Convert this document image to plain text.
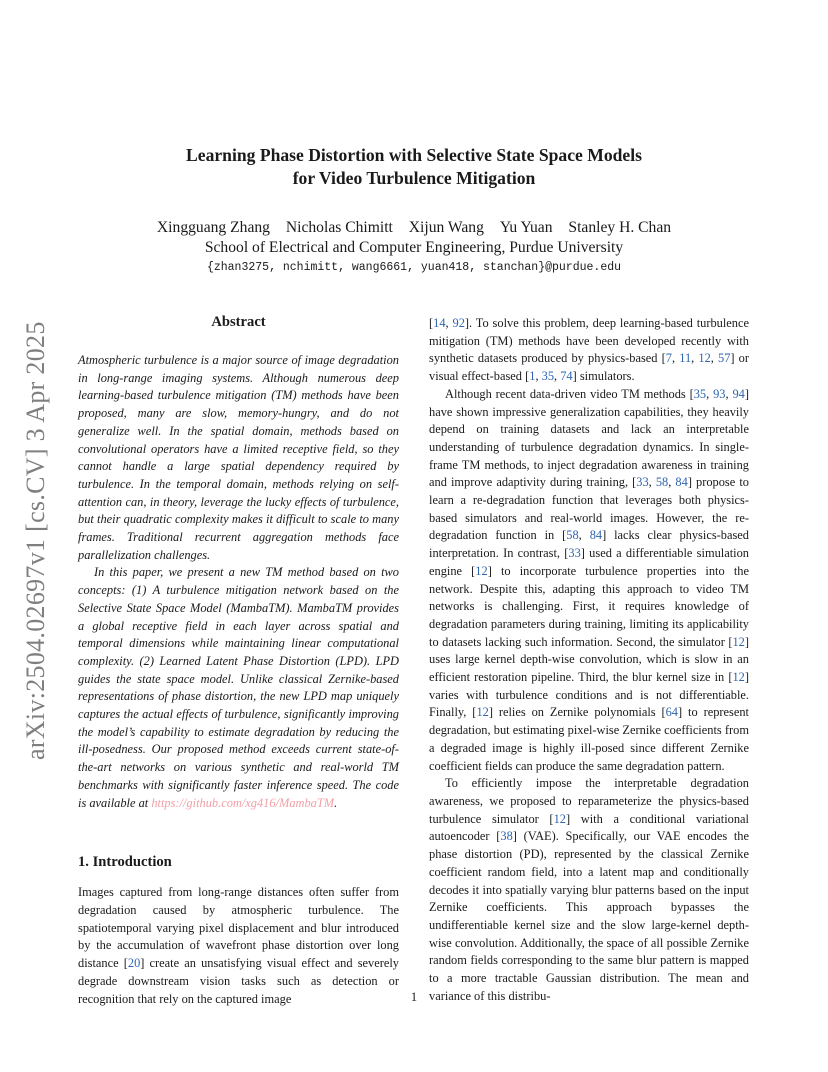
arXiv:2504.02697v1 [cs.CV] 3 Apr 2025
Learning Phase Distortion with Selective State Space Models
for Video Turbulence Mitigation
Xingguang Zhang Nicholas Chimitt Xijun Wang Yu Yuan Stanley H. Chan
School of Electrical and Computer Engineering, Purdue University
{zhan3275, nchimitt, wang6661, yuan418, stanchan}@purdue.edu
Abstract

Atmospheric turbulence is a major source of image degradation in long-range imaging systems. Although numerous deep learning-based turbulence mitigation (TM) methods have been proposed, many are slow, memory-hungry, and do not generalize well. In the spatial domain, methods based on convolutional operators have a limited receptive field, so they cannot handle a large spatial dependency required by turbulence. In the temporal domain, methods relying on self-attention can, in theory, leverage the lucky effects of turbulence, but their quadratic complexity makes it difficult to scale to many frames. Traditional recurrent aggregation methods face parallelization challenges.

In this paper, we present a new TM method based on two concepts: (1) A turbulence mitigation network based on the Selective State Space Model (MambaTM). MambaTM provides a global receptive field in each layer across spatial and temporal dimensions while maintaining linear computational complexity. (2) Learned Latent Phase Distortion (LPD). LPD guides the state space model. Unlike classical Zernike-based representations of phase distortion, the new LPD map uniquely captures the actual effects of turbulence, significantly improving the model’s capability to estimate degradation by reducing the ill-posedness. Our proposed method exceeds current state-of-the-art networks on various synthetic and real-world TM benchmarks with significantly faster inference speed. The code is available at https://github.com/xg416/MambaTM.

1. Introduction

Images captured from long-range distances often suffer from degradation caused by atmospheric turbulence. The spatiotemporal varying pixel displacement and blur introduced by the accumulation of wavefront phase distortion over long distance [20] create an unsatisfying visual effect and severely degrade downstream vision tasks such as detection or recognition that rely on the captured image

[14, 92]. To solve this problem, deep learning-based turbulence mitigation (TM) methods have been developed recently with synthetic datasets produced by physics-based [7, 11, 12, 57] or visual effect-based [1, 35, 74] simulators.

Although recent data-driven video TM methods [35, 93, 94] have shown impressive generalization capabilities, they heavily depend on training datasets and lack an interpretable understanding of turbulence degradation dynamics. In single-frame TM methods, to inject degradation awareness in training and improve adaptivity during training, [33, 58, 84] propose to learn a re-degradation function that leverages both physics-based simulators and real-world images. However, the re-degradation function in [58, 84] lacks clear physics-based interpretation. In contrast, [33] used a differentiable simulation engine [12] to incorporate turbulence properties into the network. Despite this, adapting this approach to video TM networks is challenging. First, it requires knowledge of degradation parameters during training, limiting its applicability to datasets lacking such information. Second, the simulator [12] uses large kernel depth-wise convolution, which is slow in an efficient restoration pipeline. Third, the blur kernel size in [12] varies with turbulence conditions and is not differentiable. Finally, [12] relies on Zernike polynomials [64] to represent degradation, but estimating pixel-wise Zernike coefficients from a degraded image is highly ill-posed since different Zernike coefficient fields can produce the same degradation pattern.

To efficiently impose the interpretable degradation awareness, we proposed to reparameterize the physics-based turbulence simulator [12] with a conditional variational autoencoder [38] (VAE). Specifically, our VAE encodes the phase distortion (PD), represented by the classical Zernike coefficient random field, into a latent map and conditionally decodes it into spatially varying blur patterns based on the input Zernike coefficients. This approach bypasses the undifferentiable kernel size and the slow large-kernel depth-wise convolution. Additionally, the space of all possible Zernike random fields corresponding to the same blur pattern is mapped to a more tractable Gaussian distribution. The mean and variance of this distribu-

1
